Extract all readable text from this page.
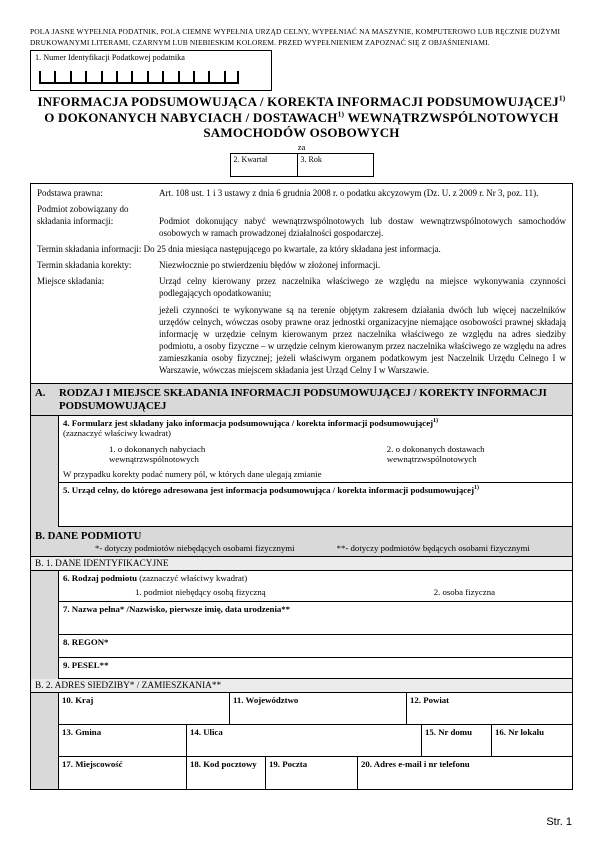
POLA JASNE WYPEŁNIA PODATNIK, POLA CIEMNE WYPEŁNIA URZĄD CELNY, WYPEŁNIAĆ NA MASZYNIE, KOMPUTEROWO LUB RĘCZNIE DUŻYMI DRUKOWANYMI LITERAMI, CZARNYM LUB NIEBIESKIM KOLOREM. PRZED WYPEŁNIENIEM ZAPOZNAĆ SIĘ Z OBJAŚNIENIAMI.
1. Numer Identyfikacji Podatkowej podatnika
INFORMACJA PODSUMOWUJĄCA / KOREKTA INFORMACJI PODSUMOWUJĄCEJ$^{1)}$
O DOKONANYCH NABYCIACH / DOSTAWACH$^{1)}$ WEWNĄTRZWSPÓLNOTOWYCH
SAMOCHODÓW OSOBOWYCH
za
2. Kwartał	3. Rok
Podstawa prawna:	Art. 108 ust. 1 i 3 ustawy z dnia 6 grudnia 2008 r. o podatku akcyzowym (Dz. U. z 2009 r. Nr 3, poz. 11).
Podmiot zobowiązany do składania informacji:	Podmiot dokonujący nabyć wewnątrzwspólnotowych lub dostaw wewnątrzwspólnotowych samochodów osobowych w ramach prowadzonej działalności gospodarczej.
Termin składania informacji: Do 25 dnia miesiąca następującego po kwartale, za który składana jest informacja.
Termin składania korekty:	Niezwłocznie po stwierdzeniu błędów w złożonej informacji.
Miejsce składania:	Urząd celny kierowany przez naczelnika właściwego ze względu na miejsce wykonywania czynności podlegających opodatkowaniu;
jeżeli czynności te wykonywane są na terenie objętym zakresem działania dwóch lub więcej naczelników urzędów celnych, wówczas osoby prawne oraz jednostki organizacyjne niemające osobowości prawnej składają informację w urzędzie celnym kierowanym przez naczelnika właściwego ze względu na adres siedziby podmiotu, a osoby fizyczne – w urzędzie celnym kierowanym przez naczelnika właściwego ze względu na adres zamieszkania osoby fizycznej; jeżeli właściwym organem podatkowym jest Naczelnik Urzędu Celnego I w Warszawie, wówczas miejscem składania jest Urząd Celny I w Warszawie.
A.	RODZAJ I MIEJSCE SKŁADANIA INFORMACJI PODSUMOWUJĄCEJ / KOREKTY INFORMACJI PODSUMOWUJĄCEJ
4. Formularz jest składany jako informacja podsumowująca / korekta informacji podsumowującej$^{1)}$
(zaznaczyć właściwy kwadrat)
1. o dokonanych nabyciach wewnątrzwspólnotowych
2. o dokonanych dostawach wewnątrzwspólnotowych
W przypadku korekty podać numery pól, w których dane ulegają zmianie
5. Urząd celny, do którego adresowana jest informacja podsumowująca / korekta informacji podsumowującej$^{1)}$
B. DANE PODMIOTU
*- dotyczy podmiotów niebędących osobami fizycznymi	**- dotyczy podmiotów będących osobami fizycznymi
B. 1. DANE IDENTYFIKACYJNE
6. Rodzaj podmiotu (zaznaczyć właściwy kwadrat)
1. podmiot niebędący osobą fizyczną	2. osoba fizyczna
7. Nazwa pełna* /Nazwisko, pierwsze imię, data urodzenia**
8. REGON*
9. PESEL**
B. 2. ADRES SIEDZIBY* / ZAMIESZKANIA**
10. Kraj	11. Województwo	12. Powiat
13. Gmina	14. Ulica	15. Nr domu	16. Nr lokalu
17. Miejscowość	18. Kod pocztowy	19. Poczta	20. Adres e-mail i nr telefonu
Str. 1
